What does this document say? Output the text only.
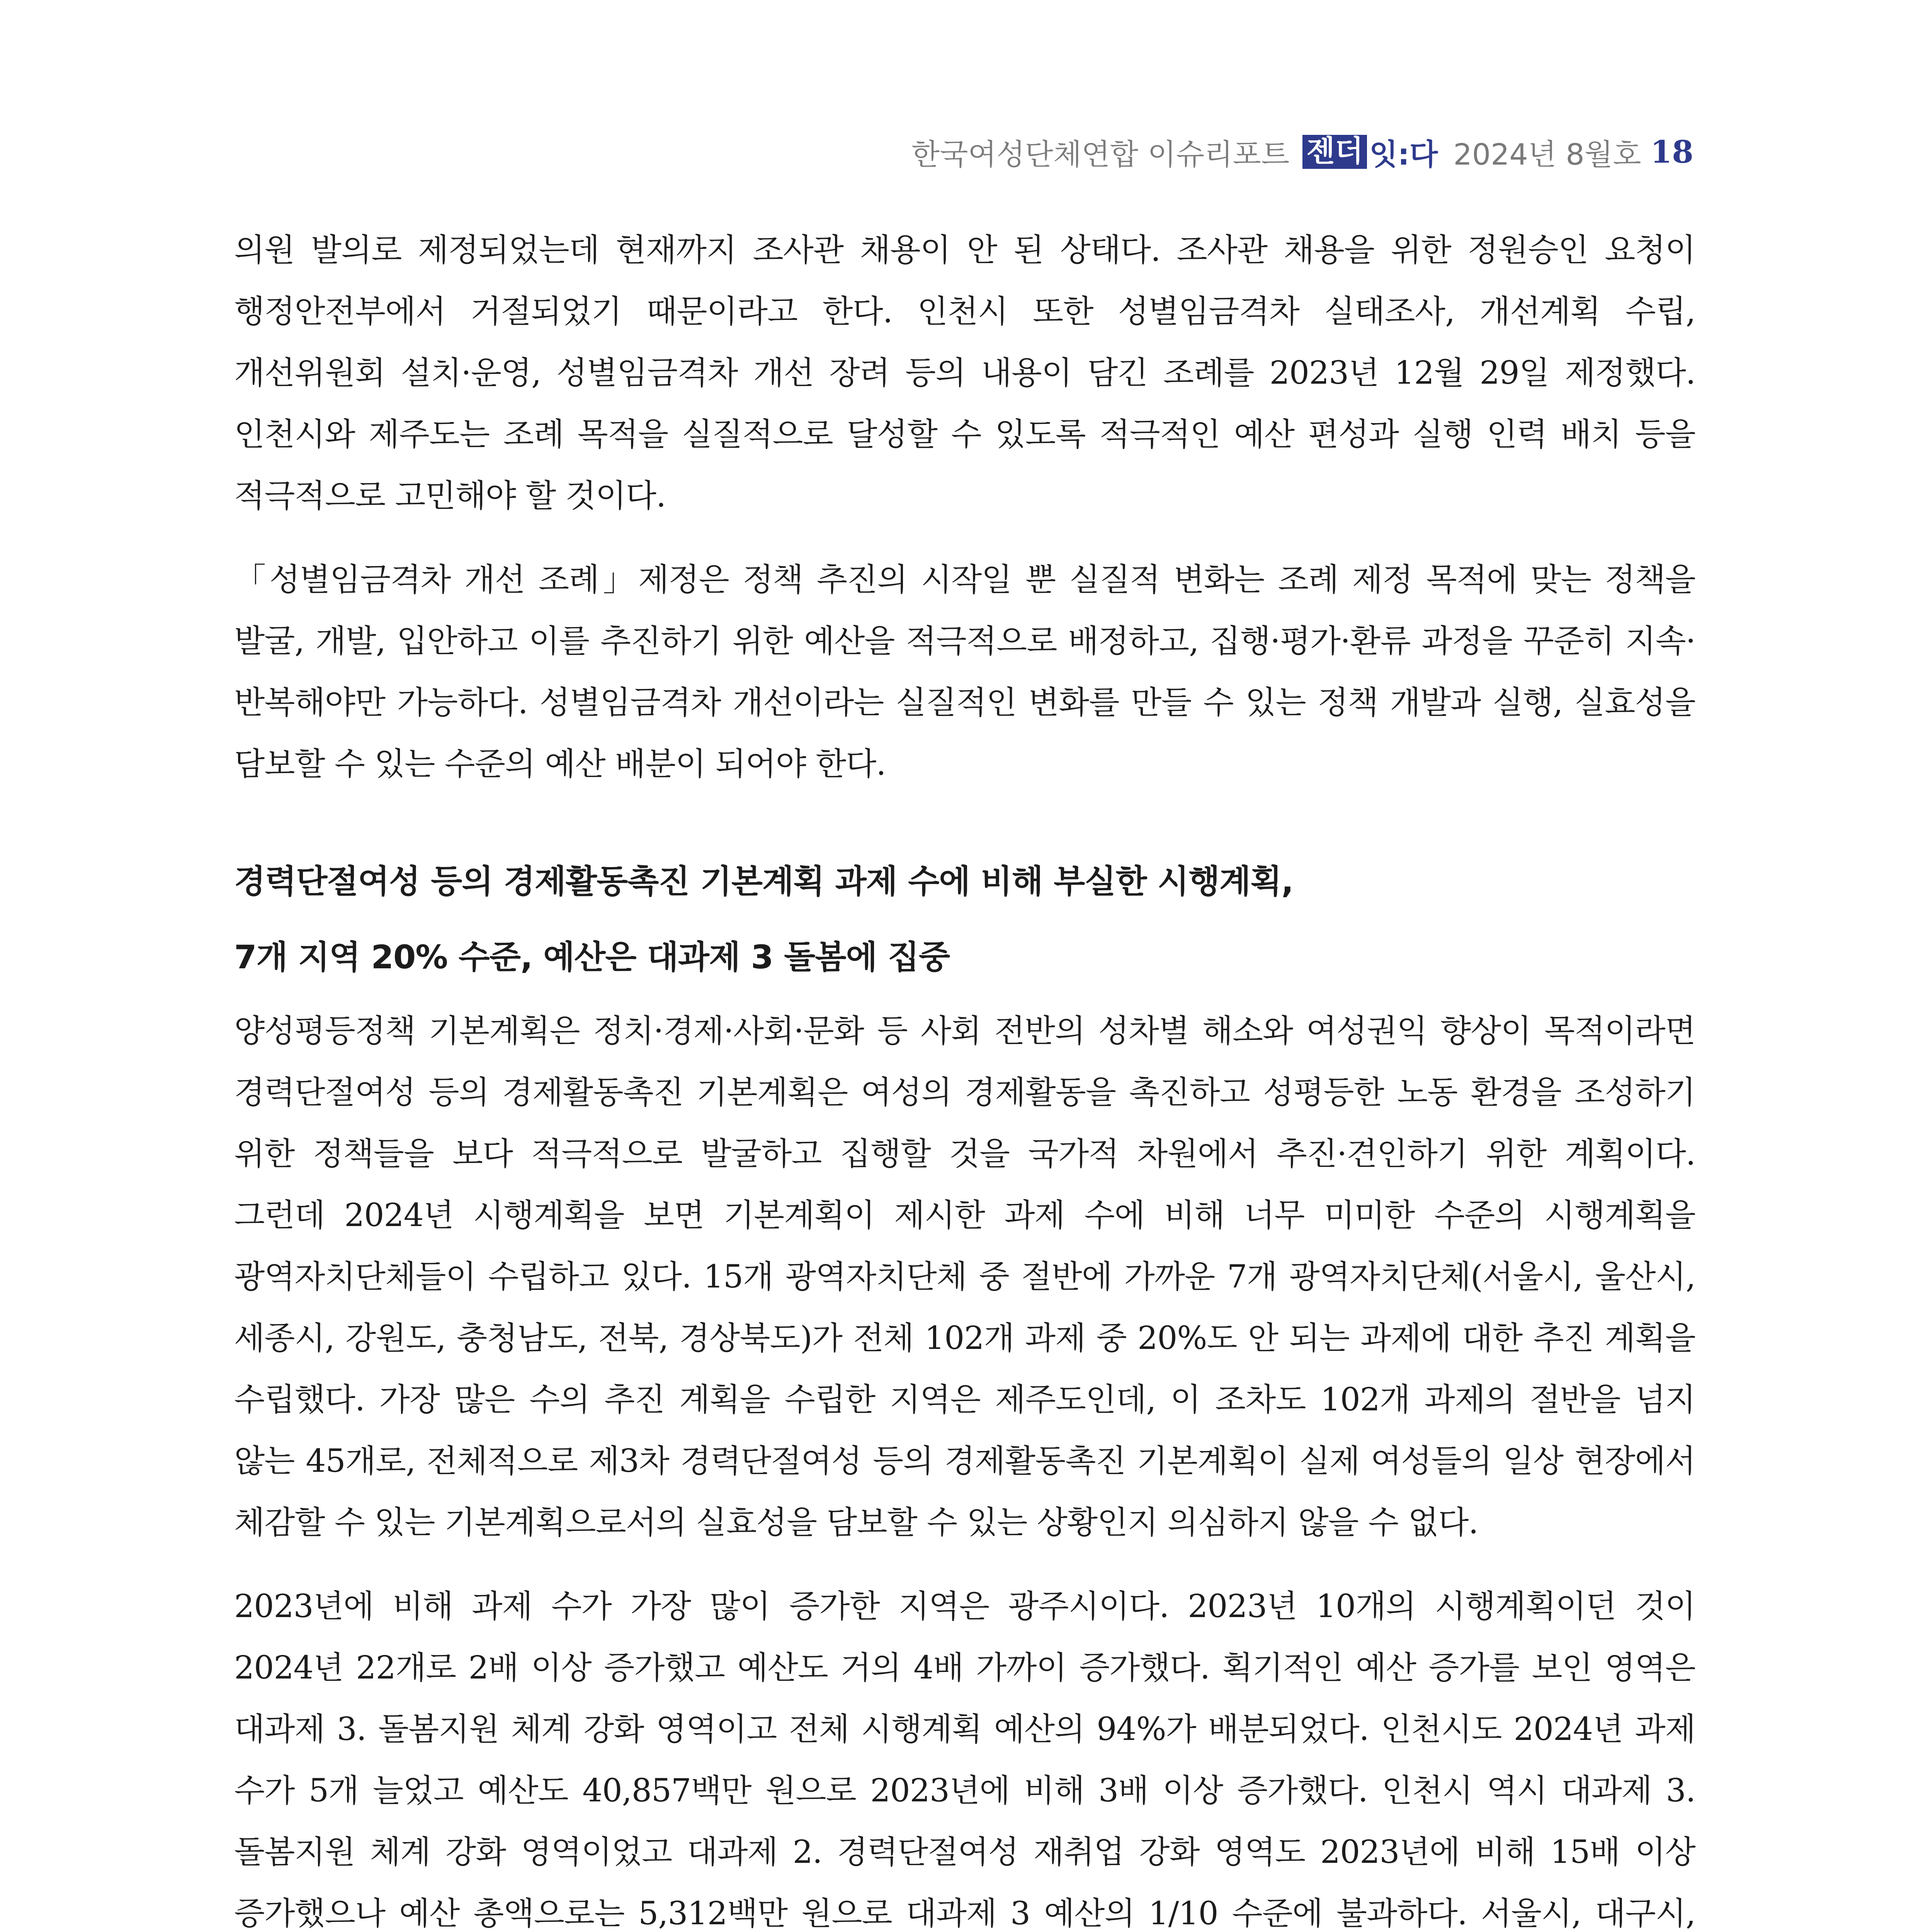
한국여성단체연합 이슈리포트 젠더 잇:다 2024년 8월호 18

의원 발의로 제정되었는데 현재까지 조사관 채용이 안 된 상태다. 조사관 채용을 위한 정원승인 요청이 행정안전부에서 거절되었기 때문이라고 한다. 인천시 또한 성별임금격차 실태조사, 개선계획 수립, 개선위원회 설치·운영, 성별임금격차 개선 장려 등의 내용이 담긴 조례를 2023년 12월 29일 제정했다. 인천시와 제주도는 조례 목적을 실질적으로 달성할 수 있도록 적극적인 예산 편성과 실행 인력 배치 등을 적극적으로 고민해야 할 것이다.

「성별임금격차 개선 조례」제정은 정책 추진의 시작일 뿐 실질적 변화는 조례 제정 목적에 맞는 정책을 발굴, 개발, 입안하고 이를 추진하기 위한 예산을 적극적으로 배정하고, 집행·평가·환류 과정을 꾸준히 지속·반복해야만 가능하다. 성별임금격차 개선이라는 실질적인 변화를 만들 수 있는 정책 개발과 실행, 실효성을 담보할 수 있는 수준의 예산 배분이 되어야 한다.

경력단절여성 등의 경제활동촉진 기본계획 과제 수에 비해 부실한 시행계획,

7개 지역 20% 수준, 예산은 대과제 3 돌봄에 집중

양성평등정책 기본계획은 정치·경제·사회·문화 등 사회 전반의 성차별 해소와 여성권익 향상이 목적이라면 경력단절여성 등의 경제활동촉진 기본계획은 여성의 경제활동을 촉진하고 성평등한 노동 환경을 조성하기 위한 정책들을 보다 적극적으로 발굴하고 집행할 것을 국가적 차원에서 추진·견인하기 위한 계획이다. 그런데 2024년 시행계획을 보면 기본계획이 제시한 과제 수에 비해 너무 미미한 수준의 시행계획을 광역자치단체들이 수립하고 있다. 15개 광역자치단체 중 절반에 가까운 7개 광역자치단체(서울시, 울산시, 세종시, 강원도, 충청남도, 전북, 경상북도)가 전체 102개 과제 중 20%도 안 되는 과제에 대한 추진 계획을 수립했다. 가장 많은 수의 추진 계획을 수립한 지역은 제주도인데, 이 조차도 102개 과제의 절반을 넘지 않는 45개로, 전체적으로 제3차 경력단절여성 등의 경제활동촉진 기본계획이 실제 여성들의 일상 현장에서 체감할 수 있는 기본계획으로서의 실효성을 담보할 수 있는 상황인지 의심하지 않을 수 없다.

2023년에 비해 과제 수가 가장 많이 증가한 지역은 광주시이다. 2023년 10개의 시행계획이던 것이 2024년 22개로 2배 이상 증가했고 예산도 거의 4배 가까이 증가했다. 획기적인 예산 증가를 보인 영역은 대과제 3. 돌봄지원 체계 강화 영역이고 전체 시행계획 예산의 94%가 배분되었다. 인천시도 2024년 과제 수가 5개 늘었고 예산도 40,857백만 원으로 2023년에 비해 3배 이상 증가했다. 인천시 역시 대과제 3. 돌봄지원 체계 강화 영역이었고 대과제 2. 경력단절여성 재취업 강화 영역도 2023년에 비해 15배 이상 증가했으나 예산 총액으로는 5,312백만 원으로 대과제 3 예산의 1/10 수준에 불과하다. 서울시, 대구시,
